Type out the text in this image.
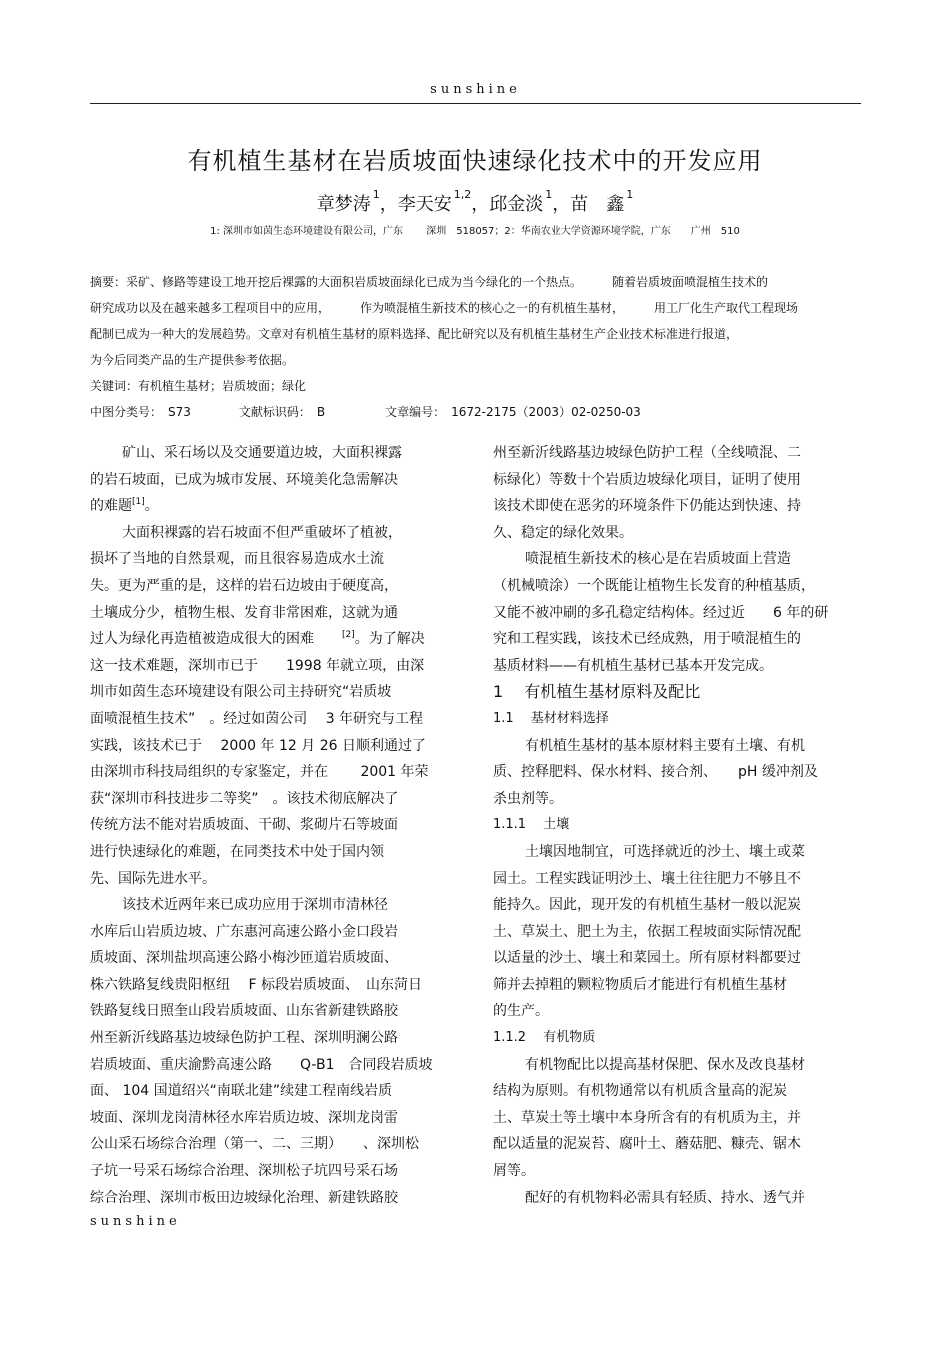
sunshine
有机植生基材在岩质坡面快速绿化技术中的开发应用
章梦涛 $^1$，李天安 $^{1,2}$，邱金淡 $^1$，苗　鑫 $^1$
1: 深圳市如茵生态环境建设有限公司，广东　　 深圳　518057；2：华南农业大学资源环境学院，广东　　广州　510
摘要：采矿、修路等建设工地开挖后裸露的大面积岩质坡面绿化已成为当今绿化的一个热点。　　　随着岩质坡面喷混植生技术的
研究成功以及在越来越多工程项目中的应用，　　　作为喷混植生新技术的核心之一的有机植生基材，　　　用工厂化生产取代工程现场
配制已成为一种大的发展趋势。文章对有机植生基材的原料选择、配比研究以及有机植生基材生产企业技术标准进行报道，
为今后同类产品的生产提供参考依据。
关键词：有机植生基材；岩质坡面；绿化
中图分类号：　S73　　　　文献标识码：　B　　　　　文章编号：　1672-2175（2003）02-0250-03
矿山、采石场以及交通要道边坡，大面积裸露
的岩石坡面，已成为城市发展、环境美化急需解决
的难题[1]。
大面积裸露的岩石坡面不但严重破坏了植被，
损坏了当地的自然景观，而且很容易造成水土流
失。更为严重的是，这样的岩石边坡由于硬度高，
土壤成分少，植物生根、发育非常困难，这就为通
过人为绿化再造植被造成很大的困难　　[2]。为了解决
这一技术难题，深圳市已于　　1998 年就立项，由深
圳市如茵生态环境建设有限公司主持研究“岩质坡
面喷混植生技术”　。经过如茵公司　 3 年研究与工程
实践，该技术已于　 2000 年 12 月 26 日顺利通过了
由深圳市科技局组织的专家鉴定，并在　　 2001 年荣
获“深圳市科技进步二等奖”　。该技术彻底解决了
传统方法不能对岩质坡面、干砌、浆砌片石等坡面
进行快速绿化的难题，在同类技术中处于国内领
先、国际先进水平。
该技术近两年来已成功应用于深圳市清林径
水库后山岩质边坡、广东惠河高速公路小金口段岩
质坡面、深圳盐坝高速公路小梅沙匝道岩质坡面、
株六铁路复线贵阳枢纽　 F 标段岩质坡面、　山东菏日
铁路复线日照奎山段岩质坡面、山东省新建铁路胶
州至新沂线路基边坡绿色防护工程、深圳明澜公路
岩质坡面、重庆渝黔高速公路　　Q-B1　合同段岩质坡
面、 104 国道绍兴“南联北建”续建工程南线岩质
坡面、深圳龙岗清林径水库岩质边坡、深圳龙岗雷
公山采石场综合治理（第一、二、三期）　　、深圳松
子坑一号采石场综合治理、深圳松子坑四号采石场
综合治理、深圳市板田边坡绿化治理、新建铁路胶
州至新沂线路基边坡绿色防护工程（全线喷混、二
标绿化）等数十个岩质边坡绿化项目，证明了使用
该技术即使在恶劣的环境条件下仍能达到快速、持
久、稳定的绿化效果。
喷混植生新技术的核心是在岩质坡面上营造
（机械喷涂）一个既能让植物生长发育的种植基质，
又能不被冲刷的多孔稳定结构体。经过近　　6 年的研
究和工程实践，该技术已经成熟，用于喷混植生的
基质材料——有机植生基材已基本开发完成。
1　 有机植生基材原料及配比
1.1　 基材材料选择
有机植生基材的基本原材料主要有土壤、有机
质、控释肥料、保水材料、接合剂、　　pH 缓冲剂及
杀虫剂等。
1.1.1　 土壤
土壤因地制宜，可选择就近的沙土、壤土或菜
园土。工程实践证明沙土、壤土往往肥力不够且不
能持久。因此，现开发的有机植生基材一般以泥炭
土、草炭土、肥土为主，依据工程坡面实际情况配
以适量的沙土、壤土和菜园土。所有原材料都要过
筛并去掉粗的颗粒物质后才能进行有机植生基材
的生产。
1.1.2　 有机物质
有机物配比以提高基材保肥、保水及改良基材
结构为原则。有机物通常以有机质含量高的泥炭
土、草炭土等土壤中本身所含有的有机质为主，并
配以适量的泥炭苔、腐叶土、蘑菇肥、糠壳、锯木
屑等。
配好的有机物料必需具有轻质、持水、透气并
sunshine
